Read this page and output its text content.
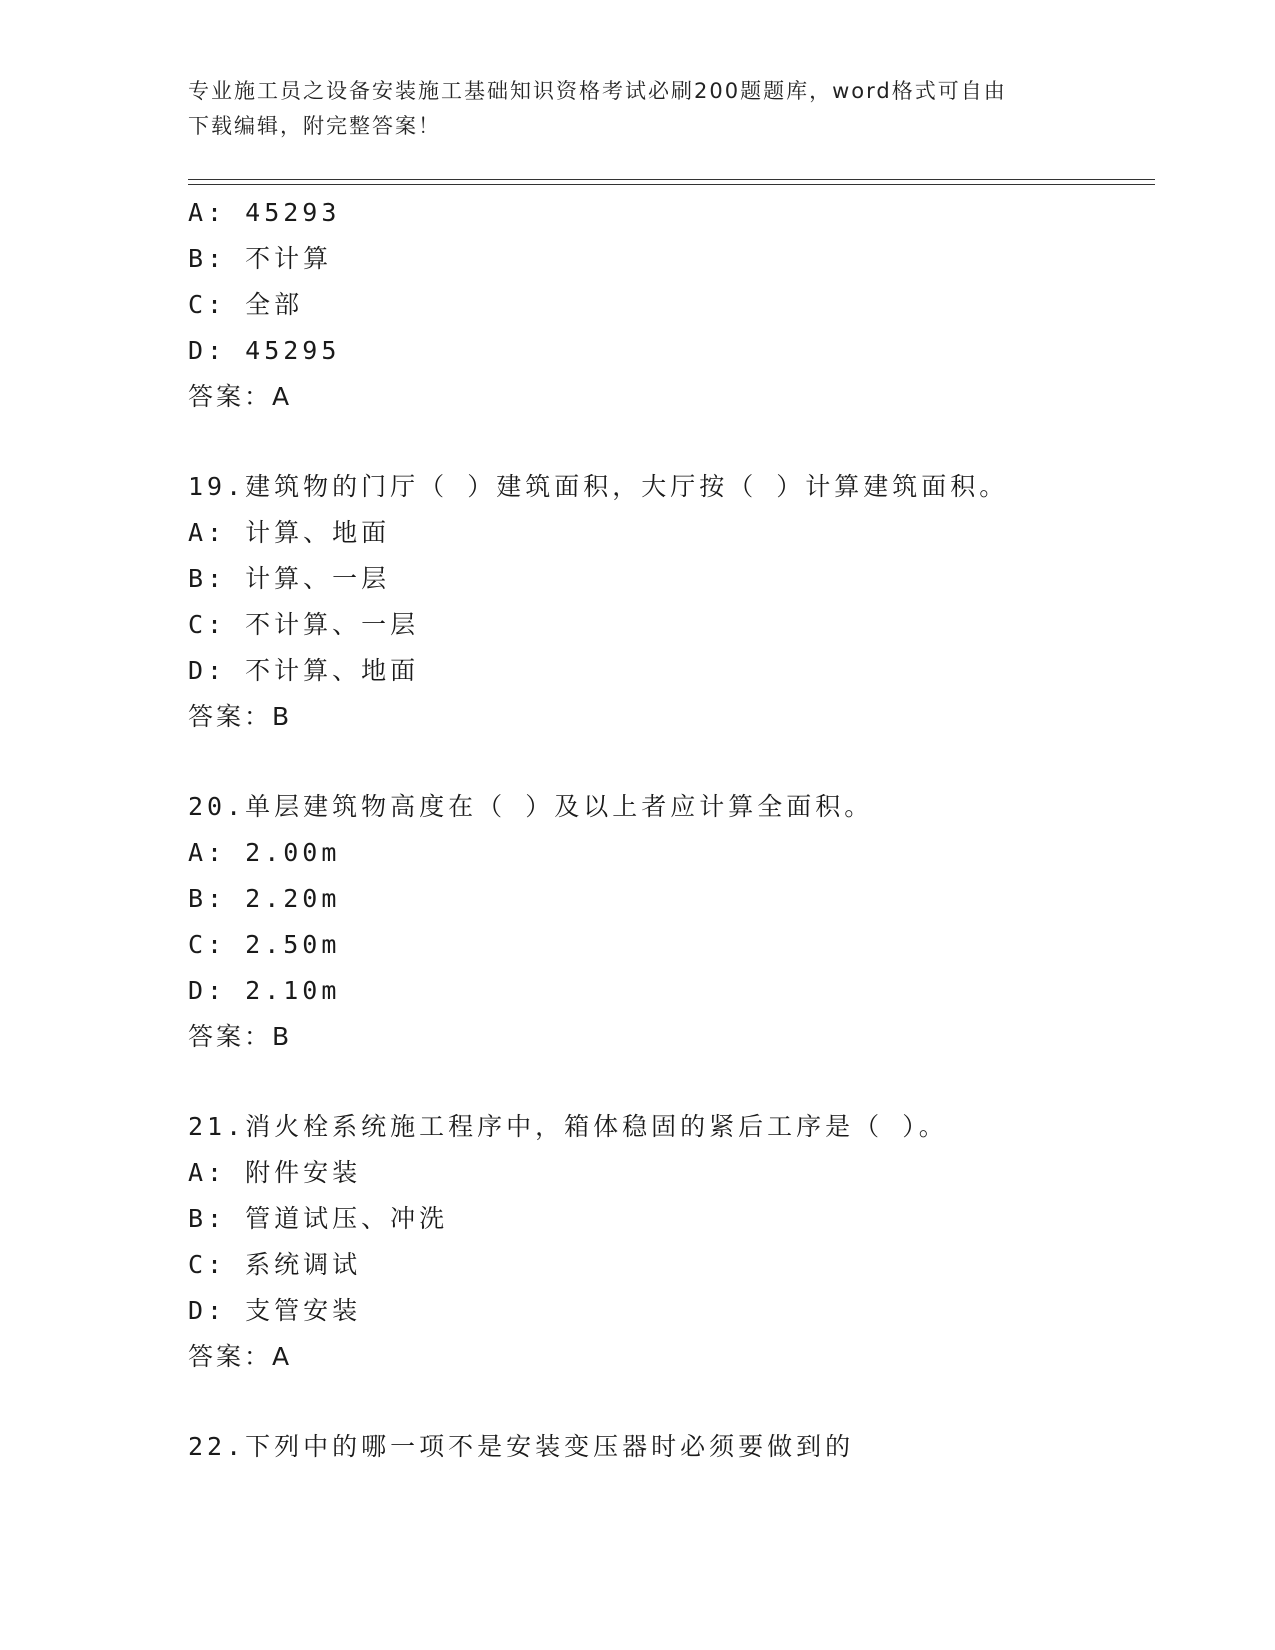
专业施工员之设备安装施工基础知识资格考试必刷200题题库，word格式可自由
下载编辑，附完整答案！
A: 45293
B: 不计算
C: 全部
D: 45295
答案：A
19.建筑物的门厅（ ）建筑面积，大厅按（ ）计算建筑面积。
A: 计算、地面
B: 计算、一层
C: 不计算、一层
D: 不计算、地面
答案：B
20.单层建筑物高度在（ ）及以上者应计算全面积。
A: 2.00m
B: 2.20m
C: 2.50m
D: 2.10m
答案：B
21.消火栓系统施工程序中，箱体稳固的紧后工序是（ ）。
A: 附件安装
B: 管道试压、冲洗
C: 系统调试
D: 支管安装
答案：A
22.下列中的哪一项不是安装变压器时必须要做到的
